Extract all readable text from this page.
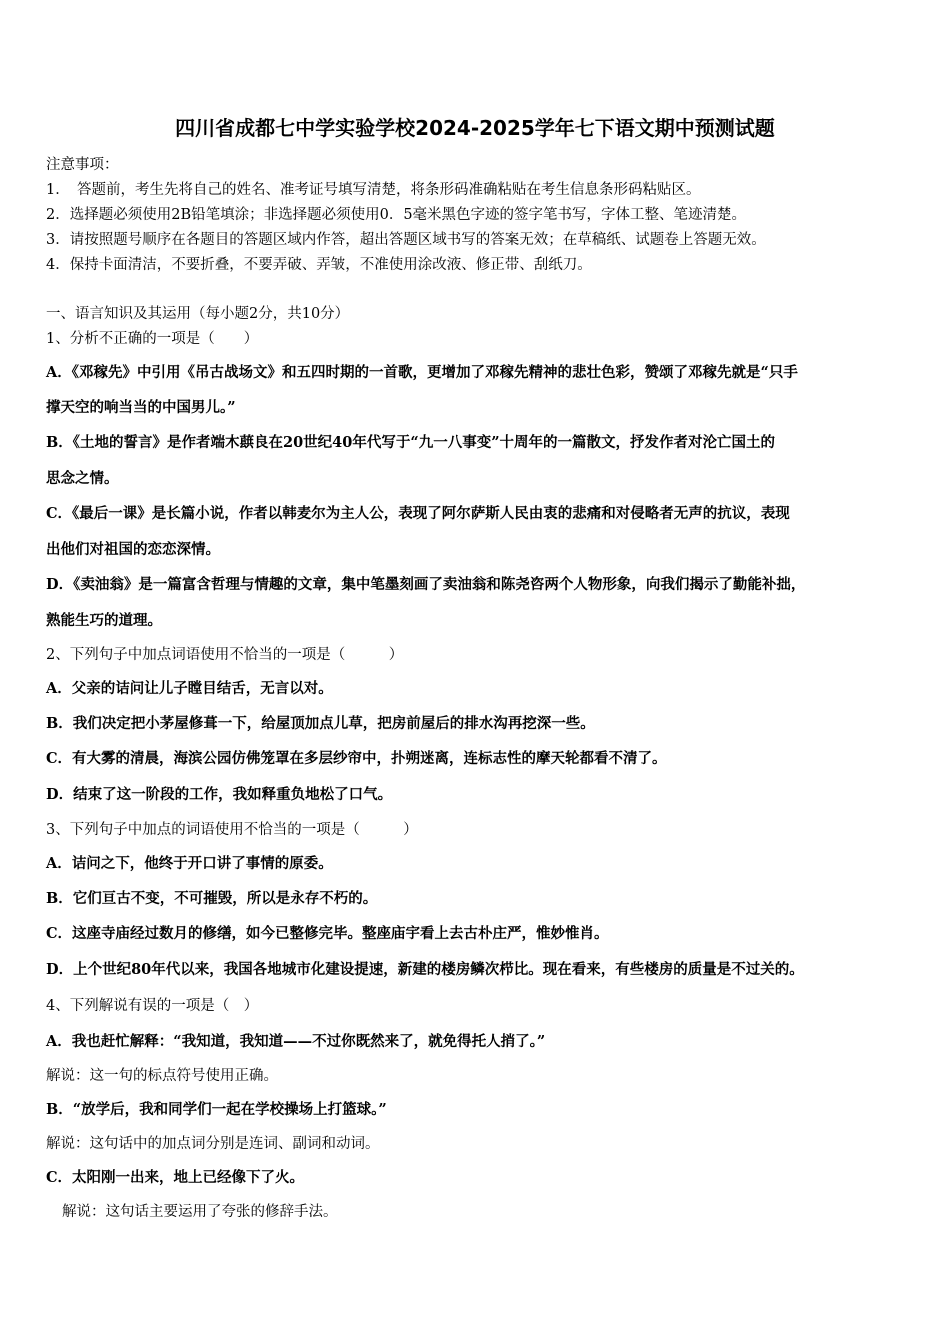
四川省成都七中学实验学校2024-2025学年七下语文期中预测试题
注意事项：
1．　答题前，考生先将自己的姓名、准考证号填写清楚，将条形码准确粘贴在考生信息条形码粘贴区。
2．选择题必须使用2B铅笔填涂；非选择题必须使用0．5毫米黑色字迹的签字笔书写，字体工整、笔迹清楚。
3．请按照题号顺序在各题目的答题区域内作答，超出答题区域书写的答案无效；在草稿纸、试题卷上答题无效。
4．保持卡面清洁，不要折叠，不要弄破、弄皱，不准使用涂改液、修正带、刮纸刀。
一、语言知识及其运用（每小题2分，共10分）
1、分析不正确的一项是（　　）
A．《邓稼先》中引用《吊古战场文》和五四时期的一首歌，更增加了邓稼先精神的悲壮色彩，赞颂了邓稼先就是“只手
撑天空的响当当的中国男儿。”
B．《土地的誓言》是作者端木蕻良在20世纪40年代写于“九一八事变”十周年的一篇散文，抒发作者对沦亡国土的
思念之情。
C．《最后一课》是长篇小说，作者以韩麦尔为主人公，表现了阿尔萨斯人民由衷的悲痛和对侵略者无声的抗议，表现
出他们对祖国的恋恋深情。
D．《卖油翁》是一篇富含哲理与情趣的文章，集中笔墨刻画了卖油翁和陈尧咨两个人物形象，向我们揭示了勤能补拙，
熟能生巧的道理。
2、下列句子中加点词语使用不恰当的一项是（　　　）
A．父亲的诘问让儿子瞠目结舌，无言以对。
B．我们决定把小茅屋修葺一下，给屋顶加点儿草，把房前屋后的排水沟再挖深一些。
C．有大雾的清晨，海滨公园仿佛笼罩在多层纱帘中，扑朔迷离，连标志性的摩天轮都看不清了。
D．结束了这一阶段的工作，我如释重负地松了口气。
3、下列句子中加点的词语使用不恰当的一项是（　　　）
A．诘问之下，他终于开口讲了事情的原委。
B．它们亘古不变，不可摧毁，所以是永存不朽的。
C．这座寺庙经过数月的修缮，如今已整修完毕。整座庙宇看上去古朴庄严，惟妙惟肖。
D．上个世纪80年代以来，我国各地城市化建设提速，新建的楼房鳞次栉比。现在看来，有些楼房的质量是不过关的。
4、下列解说有误的一项是（　）
A．我也赶忙解释：“我知道，我知道——不过你既然来了，就免得托人捎了。”
解说：这一句的标点符号使用正确。
B．“放学后，我和同学们一起在学校操场上打篮球。”
解说：这句话中的加点词分别是连词、副词和动词。
C．太阳刚一出来，地上已经像下了火。
解说：这句话主要运用了夸张的修辞手法。
